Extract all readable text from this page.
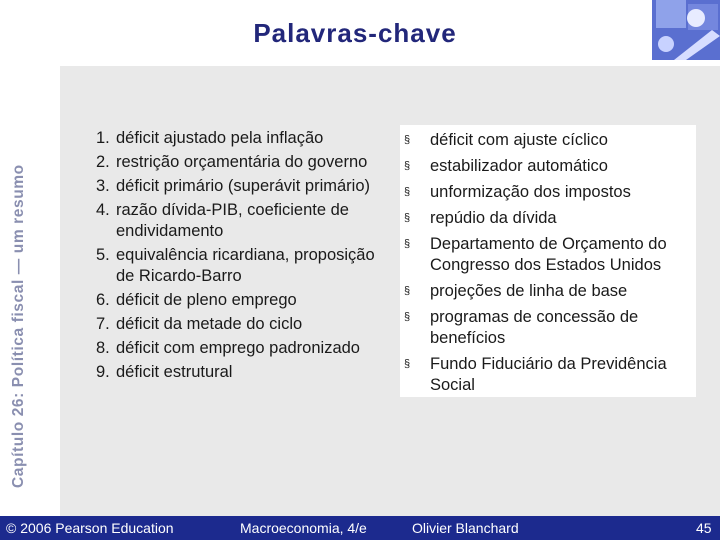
Capítulo 26: Política fiscal — um resumo
Palavras-chave
1. déficit ajustado pela inflação
2. restrição orçamentária do governo
3. déficit primário (superávit primário)
4. razão dívida-PIB, coeficiente de endividamento
5. equivalência ricardiana, proposição de Ricardo-Barro
6. déficit de pleno emprego
7. déficit da metade do ciclo
8. déficit com emprego padronizado
9. déficit estrutural
§ déficit com ajuste cíclico
§ estabilizador automático
§ unformização dos impostos
§ repúdio da dívida
§ Departamento de Orçamento do Congresso dos Estados Unidos
§ projeções de linha de base
§ programas de concessão de benefícios
§ Fundo Fiduciário da Previdência Social
© 2006 Pearson Education	Macroeconomia, 4/e	Olivier Blanchard	45
